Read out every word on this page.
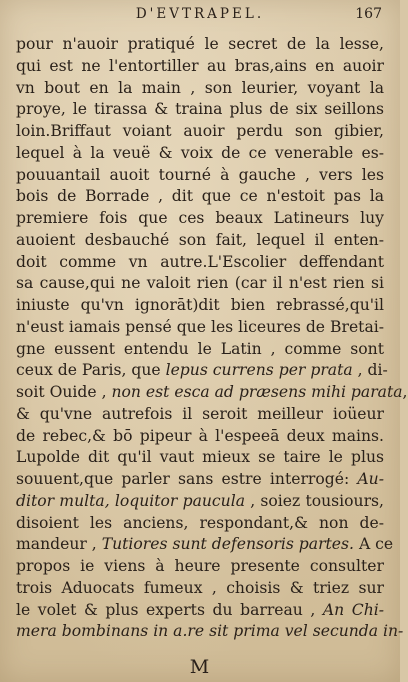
D'EVTRAPEL.	167
pour n'auoir pratiqué le secret de la lesse,
qui est ne l'entortiller au bras,ains en auoir
vn bout en la main , son leurier, voyant la
proye, le tirassa & traina plus de six seillons
loin.Briffaut voiant auoir perdu son gibier,
lequel à la veuë & voix de ce venerable es-
pouuantail auoit tourné à gauche , vers les
bois de Borrade , dit que ce n'estoit pas la
premiere fois que ces beaux Latineurs luy
auoient desbauché son fait, lequel il enten-
doit comme vn autre.L'Escolier deffendant
sa cause,qui ne valoit rien (car il n'est rien si
iniuste qu'vn ignorāt)dit bien rebrassé,qu'il
n'eust iamais pensé que les liceures de Bretai-
gne eussent entendu le Latin , comme sont
ceux de Paris, que lepus currens per prata , di-
soit Ouide , non est esca ad præsens mihi parata,
& qu'vne autrefois il seroit meilleur ioüeur
de rebec,& bō pipeur à l'espeeā deux mains.
Lupolde dit qu'il vaut mieux se taire le plus
souuent,que parler sans estre interrogé: Au-
ditor multa, loquitor paucula , soiez tousiours,
disoient les anciens, respondant,& non de-
mandeur , Tutiores sunt defensoris partes. A ce
propos ie viens à heure presente consulter
trois Aduocats fumeux , choisis & triez sur
le volet & plus experts du barreau , An Chi-
mera bombinans in a.re sit prima vel secunda in-
M
